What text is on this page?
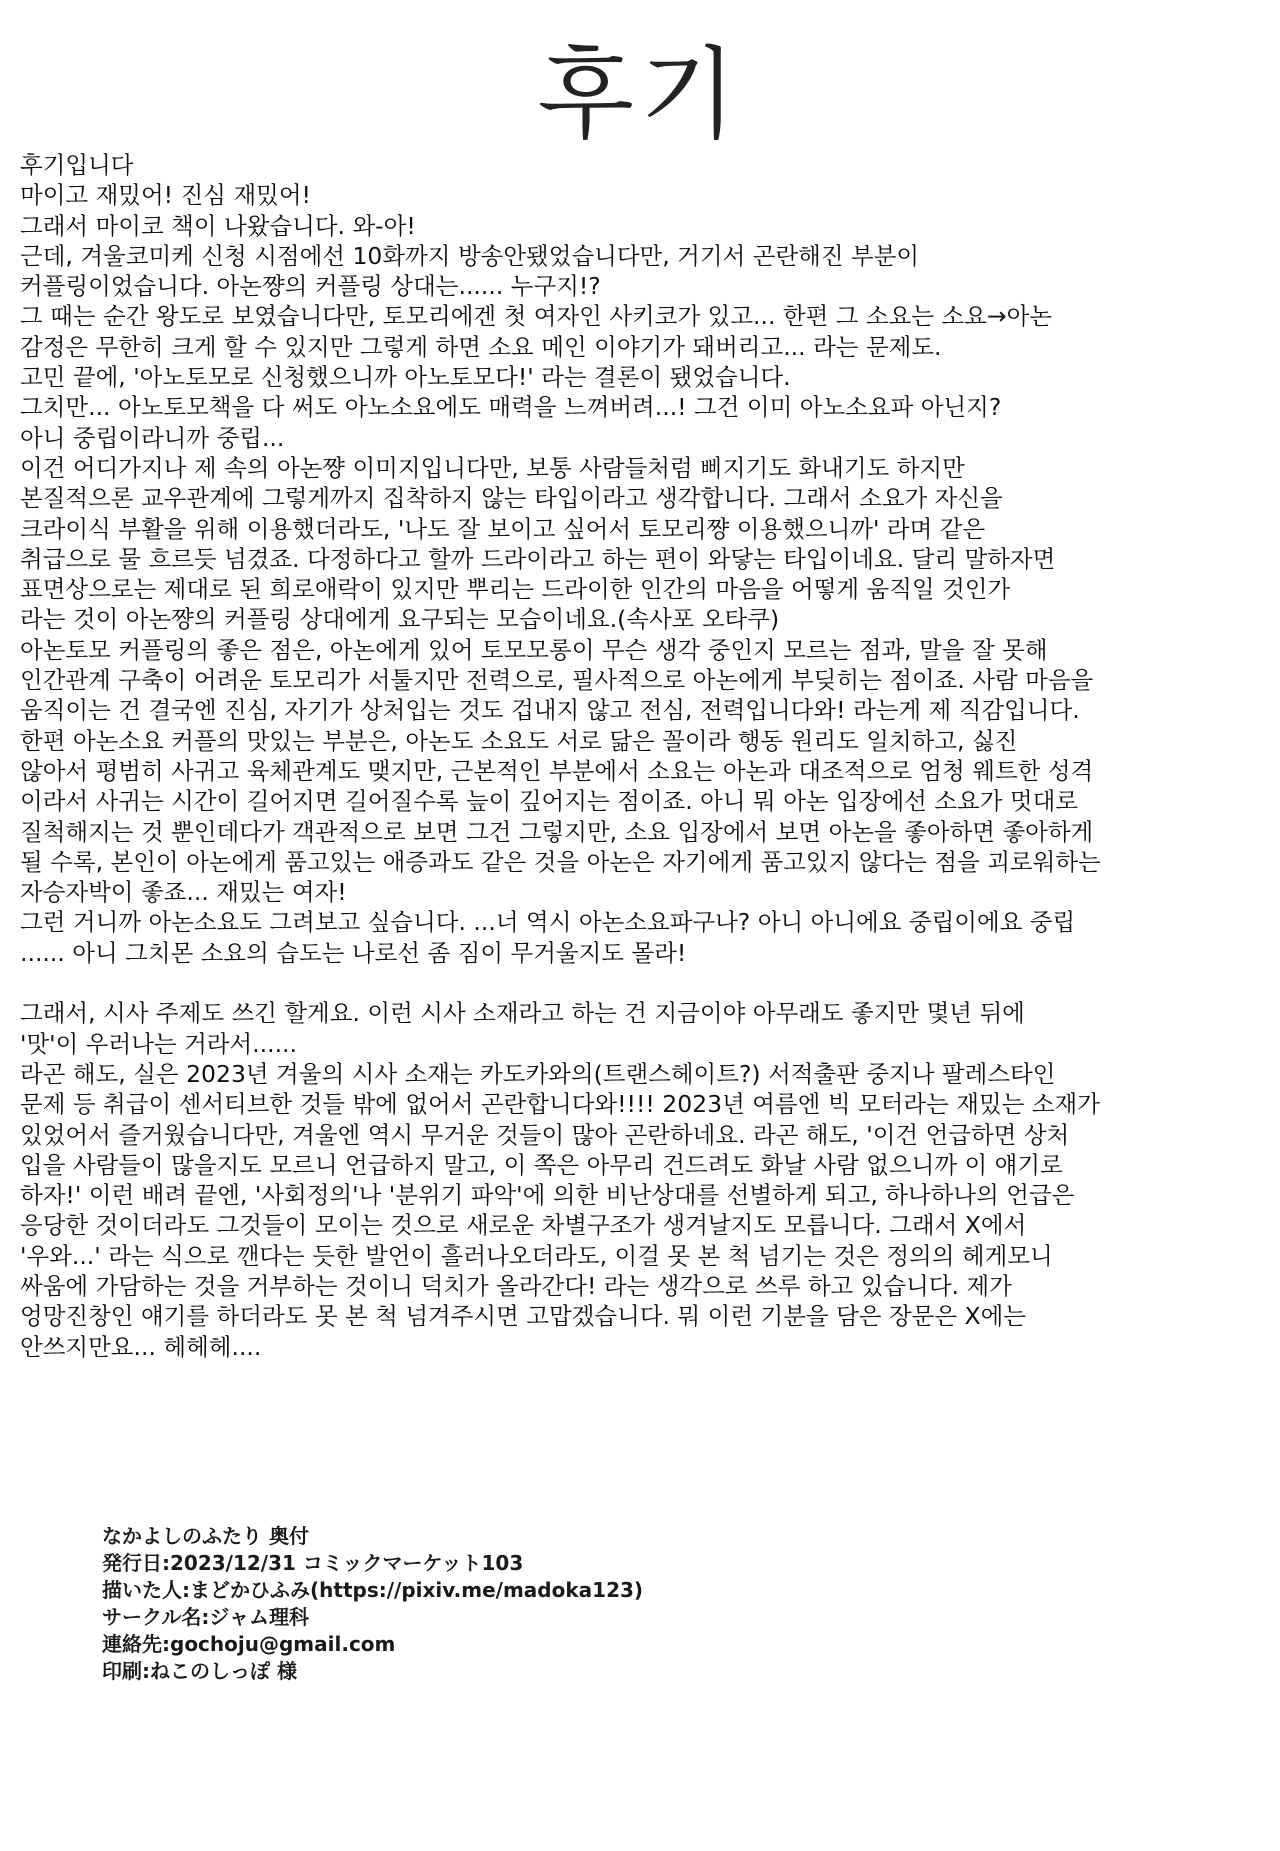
후기
후기입니다
마이고 재밌어! 진심 재밌어!
그래서 마이코 책이 나왔습니다. 와-아!
근데, 겨울코미케 신청 시점에선 10화까지 방송안됐었습니다만, 거기서 곤란해진 부분이
커플링이었습니다. 아논쨩의 커플링 상대는...... 누구지!?
그 때는 순간 왕도로 보였습니다만, 토모리에겐 첫 여자인 사키코가 있고... 한편 그 소요는 소요→아논
감정은 무한히 크게 할 수 있지만 그렇게 하면 소요 메인 이야기가 돼버리고... 라는 문제도.
고민 끝에, '아노토모로 신청했으니까 아노토모다!' 라는 결론이 됐었습니다.
그치만... 아노토모책을 다 써도 아노소요에도 매력을 느껴버려...! 그건 이미 아노소요파 아닌지?
아니 중립이라니까 중립...
이건 어디가지나 제 속의 아논쨩 이미지입니다만, 보통 사람들처럼 삐지기도 화내기도 하지만
본질적으론 교우관계에 그렇게까지 집착하지 않는 타입이라고 생각합니다. 그래서 소요가 자신을
크라이식 부활을 위해 이용했더라도, '나도 잘 보이고 싶어서 토모리쨩 이용했으니까' 라며 같은
취급으로 물 흐르듯 넘겼죠. 다정하다고 할까 드라이라고 하는 편이 와닿는 타입이네요. 달리 말하자면
표면상으로는 제대로 된 희로애락이 있지만 뿌리는 드라이한 인간의 마음을 어떻게 움직일 것인가
라는 것이 아논쨩의 커플링 상대에게 요구되는 모습이네요.(속사포 오타쿠)
아논토모 커플링의 좋은 점은, 아논에게 있어 토모모롱이 무슨 생각 중인지 모르는 점과, 말을 잘 못해
인간관계 구축이 어려운 토모리가 서툴지만 전력으로, 필사적으로 아논에게 부딪히는 점이죠. 사람 마음을
움직이는 건 결국엔 진심, 자기가 상처입는 것도 겁내지 않고 전심, 전력입니다와! 라는게 제 직감입니다.
한편 아논소요 커플의 맛있는 부분은, 아논도 소요도 서로 닮은 꼴이라 행동 원리도 일치하고, 싫진
않아서 평범히 사귀고 육체관계도 맺지만, 근본적인 부분에서 소요는 아논과 대조적으로 엄청 웨트한 성격
이라서 사귀는 시간이 길어지면 길어질수록 늪이 깊어지는 점이죠. 아니 뭐 아논 입장에선 소요가 멋대로
질척해지는 것 뿐인데다가 객관적으로 보면 그건 그렇지만, 소요 입장에서 보면 아논을 좋아하면 좋아하게
될 수록, 본인이 아논에게 품고있는 애증과도 같은 것을 아논은 자기에게 품고있지 않다는 점을 괴로워하는
자승자박이 좋죠... 재밌는 여자!
그런 거니까 아논소요도 그려보고 싶습니다. ...너 역시 아논소요파구나? 아니 아니에요 중립이에요 중립
...... 아니 그치몬 소요의 습도는 나로선 좀 짐이 무거울지도 몰라!
그래서, 시사 주제도 쓰긴 할게요. 이런 시사 소재라고 하는 건 지금이야 아무래도 좋지만 몇년 뒤에
'맛'이 우러나는 거라서......
라곤 해도, 실은 2023년 겨울의 시사 소재는 카도카와의(트랜스헤이트?) 서적출판 중지나 팔레스타인
문제 등 취급이 센서티브한 것들 밖에 없어서 곤란합니다와!!!! 2023년 여름엔 빅 모터라는 재밌는 소재가
있었어서 즐거웠습니다만, 겨울엔 역시 무거운 것들이 많아 곤란하네요. 라곤 해도, '이건 언급하면 상처
입을 사람들이 많을지도 모르니 언급하지 말고, 이 쪽은 아무리 건드려도 화날 사람 없으니까 이 얘기로
하자!' 이런 배려 끝엔, '사회정의'나 '분위기 파악'에 의한 비난상대를 선별하게 되고, 하나하나의 언급은
응당한 것이더라도 그것들이 모이는 것으로 새로운 차별구조가 생겨날지도 모릅니다. 그래서 X에서
'우와...' 라는 식으로 깬다는 듯한 발언이 흘러나오더라도, 이걸 못 본 척 넘기는 것은 정의의 헤게모니
싸움에 가담하는 것을 거부하는 것이니 덕치가 올라간다! 라는 생각으로 쓰루 하고 있습니다. 제가
엉망진창인 얘기를 하더라도 못 본 척 넘겨주시면 고맙겠습니다. 뭐 이런 기분을 담은 장문은 X에는
안쓰지만요... 헤헤헤....
なかよしのふたり 奥付
発行日:2023/12/31 コミックマーケット103
描いた人:まどかひふみ(https://pixiv.me/madoka123)
サークル名:ジャム理科
連絡先:gochoju@gmail.com
印刷:ねこのしっぽ 様
